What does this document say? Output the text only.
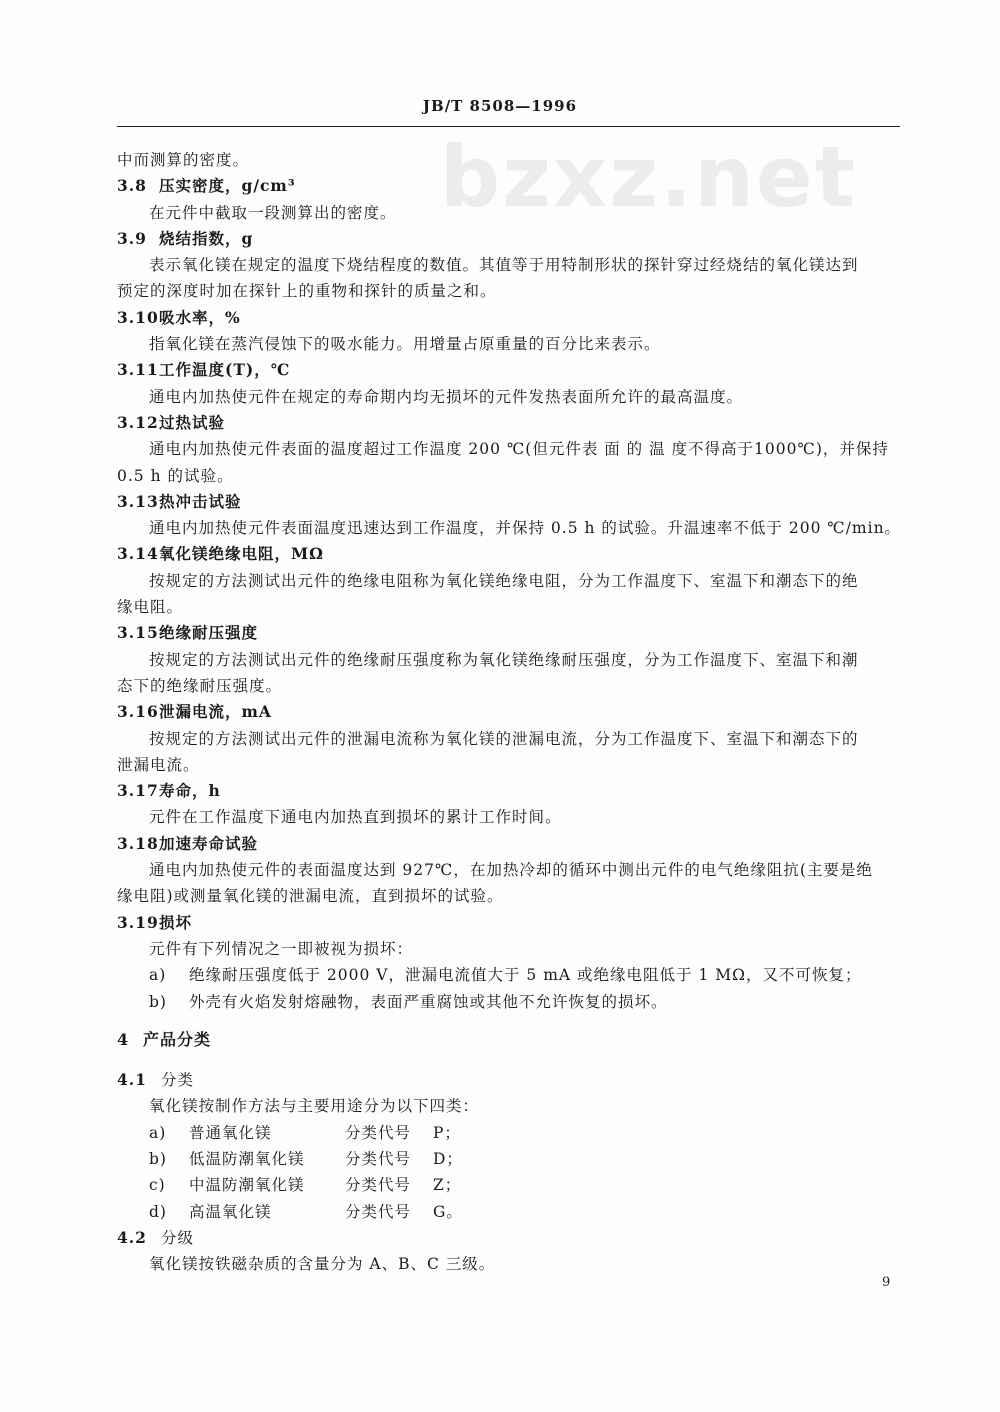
JB/T 8508—1996
bzxz.net
中而测算的密度。
3.8 压实密度，g/cm³
在元件中截取一段测算出的密度。
3.9 烧结指数，g
表示氧化镁在规定的温度下烧结程度的数值。其值等于用特制形状的探针穿过经烧结的氧化镁达到
预定的深度时加在探针上的重物和探针的质量之和。
3.10吸水率，%
指氧化镁在蒸汽侵蚀下的吸水能力。用增量占原重量的百分比来表示。
3.11工作温度(T)，℃
通电内加热使元件在规定的寿命期内均无损坏的元件发热表面所允许的最高温度。
3.12过热试验
通电内加热使元件表面的温度超过工作温度 200 ℃(但元件表 面 的 温 度不得高于1000℃)，并保持
0.5 h 的试验。
3.13热冲击试验
通电内加热使元件表面温度迅速达到工作温度，并保持 0.5 h 的试验。升温速率不低于 200 ℃/min。
3.14氧化镁绝缘电阻，MΩ
按规定的方法测试出元件的绝缘电阻称为氧化镁绝缘电阻，分为工作温度下、室温下和潮态下的绝
缘电阻。
3.15绝缘耐压强度
按规定的方法测试出元件的绝缘耐压强度称为氧化镁绝缘耐压强度，分为工作温度下、室温下和潮
态下的绝缘耐压强度。
3.16泄漏电流，mA
按规定的方法测试出元件的泄漏电流称为氧化镁的泄漏电流，分为工作温度下、室温下和潮态下的
泄漏电流。
3.17寿命，h
元件在工作温度下通电内加热直到损坏的累计工作时间。
3.18加速寿命试验
通电内加热使元件的表面温度达到 927℃，在加热冷却的循环中测出元件的电气绝缘阻抗(主要是绝
缘电阻)或测量氧化镁的泄漏电流，直到损坏的试验。
3.19损坏
元件有下列情况之一即被视为损坏：
a) 绝缘耐压强度低于 2000 V，泄漏电流值大于 5 mA 或绝缘电阻低于 1 MΩ，又不可恢复；
b) 外壳有火焰发射熔融物，表面严重腐蚀或其他不允许恢复的损坏。
4 产品分类
4.1 分类
氧化镁按制作方法与主要用途分为以下四类：
a) 普通氧化镁	分类代号 P；
b) 低温防潮氧化镁	分类代号 D；
c) 中温防潮氧化镁	分类代号 Z；
d) 高温氧化镁	分类代号 G。
4.2 分级
氧化镁按铁磁杂质的含量分为 A、B、C 三级。
9
